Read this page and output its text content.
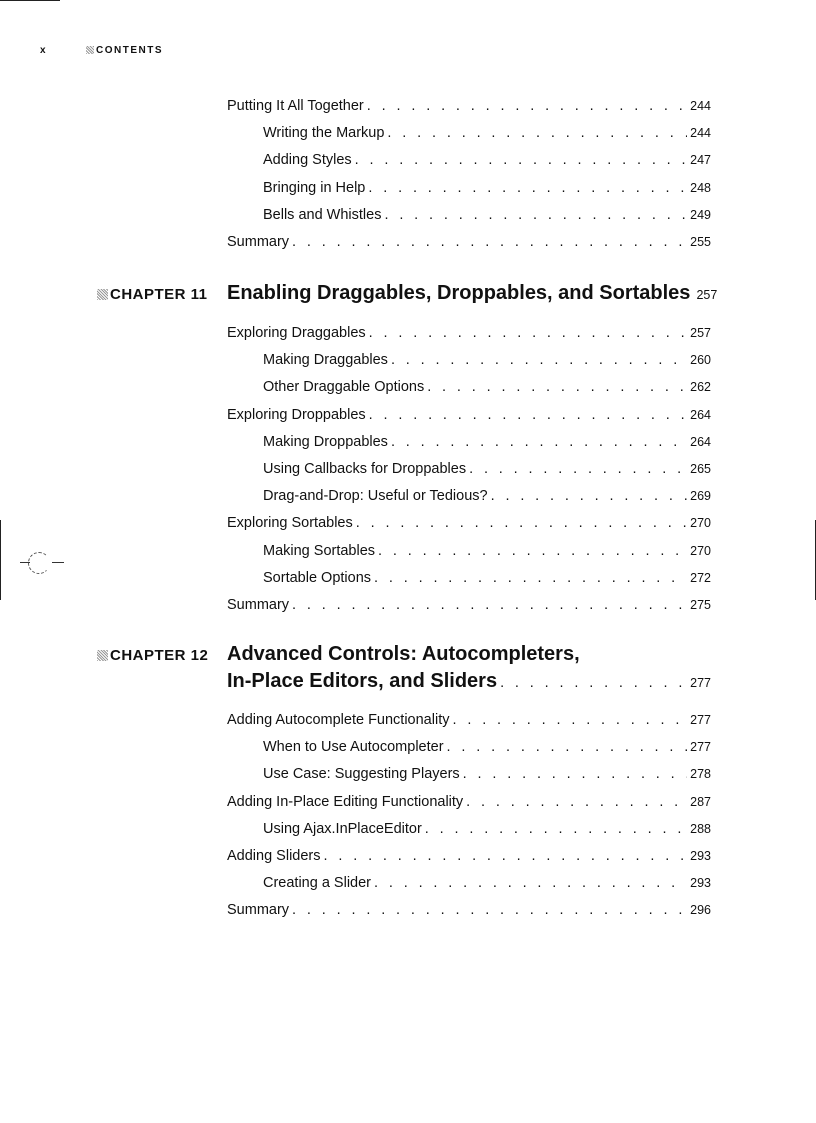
x	CONTENTS
Putting It All Together . . .	244
Writing the Markup . . .	244
Adding Styles . . .	247
Bringing in Help . . .	248
Bells and Whistles . . .	249
Summary . . .	255
CHAPTER 11 Enabling Draggables, Droppables, and Sortables 257
Exploring Draggables . . .	257
Making Draggables . . .	260
Other Draggable Options . . .	262
Exploring Droppables . . .	264
Making Droppables . . .	264
Using Callbacks for Droppables . . .	265
Drag-and-Drop: Useful or Tedious? . . .	269
Exploring Sortables . . .	270
Making Sortables . . .	270
Sortable Options . . .	272
Summary . . .	275
CHAPTER 12 Advanced Controls: Autocompleters,
In-Place Editors, and Sliders . . .	277
Adding Autocomplete Functionality . . .	277
When to Use Autocompleter . . .	277
Use Case: Suggesting Players . . .	278
Adding In-Place Editing Functionality . . .	287
Using Ajax.InPlaceEditor . . .	288
Adding Sliders . . .	293
Creating a Slider . . .	293
Summary . . .	296
